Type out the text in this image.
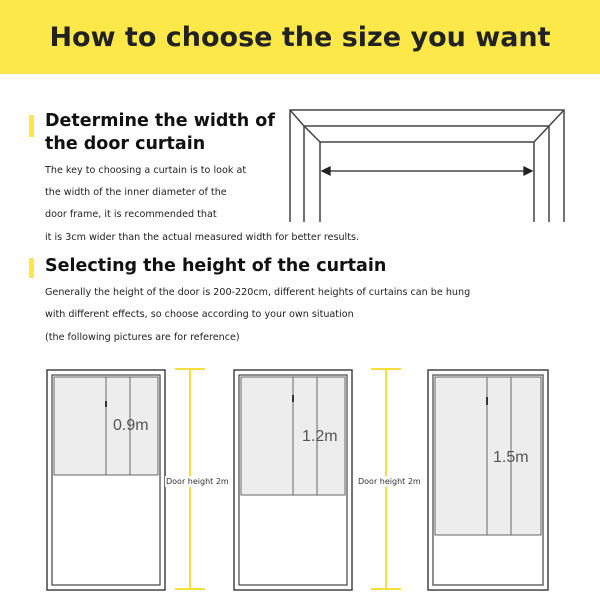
How to choose the size you want
Determine the width of
the door curtain
The key to choosing a curtain is to look at
the width of the inner diameter of the
door frame, it is recommended that
it is 3cm wider than the actual measured width for better results.
Selecting the height of the curtain
Generally the height of the door is 200-220cm, different heights of curtains can be hung
with different effects, so choose according to your own situation
(the following pictures are for reference)
0.9m
Door height 2m
1.2m
Door height 2m
1.5m
